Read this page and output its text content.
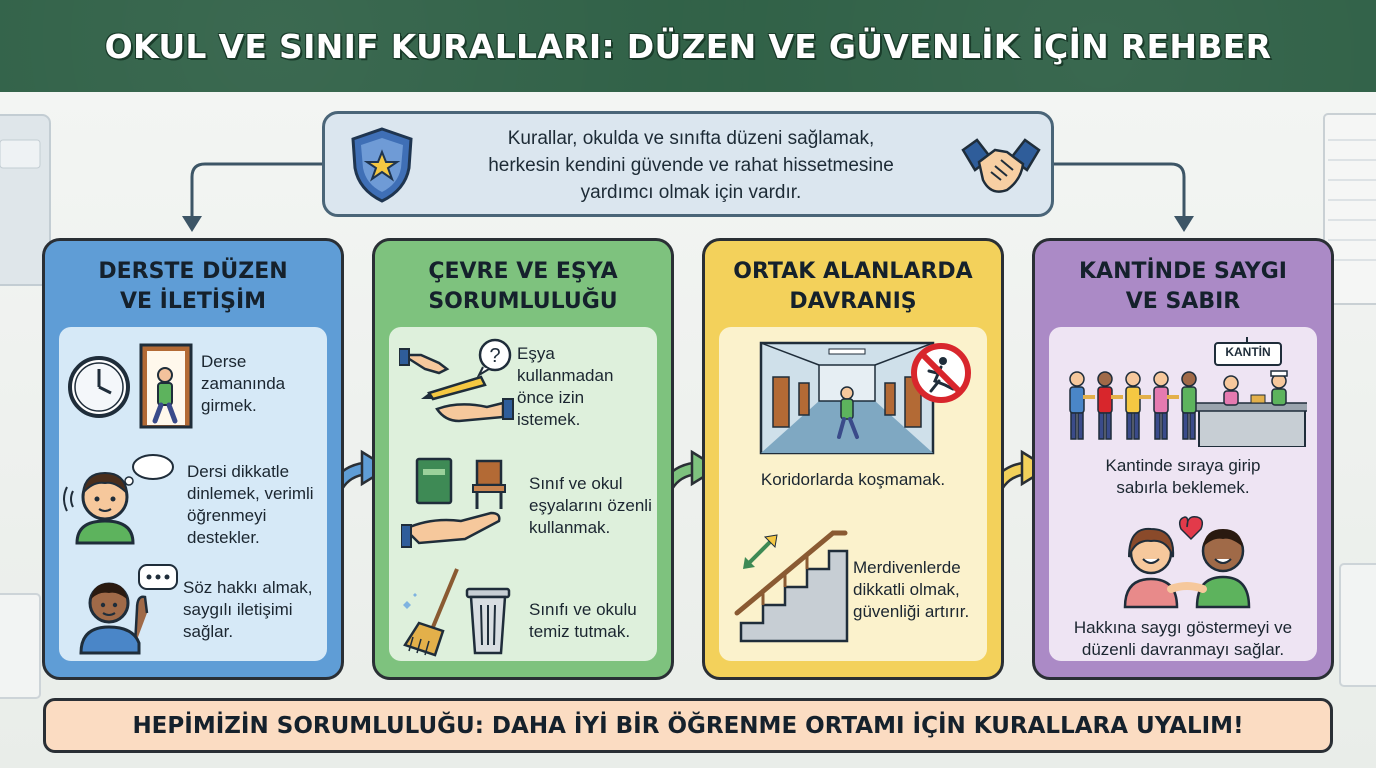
OKUL VE SINIF KURALLARI: DÜZEN VE GÜVENLİK İÇİN REHBER
Kurallar, okulda ve sınıfta düzeni sağlamak,
herkesin kendini güvende ve rahat hissetmesine
yardımcı olmak için vardır.
DERSTE DÜZEN
VE İLETİŞİM
Derse
zamanında
girmek.
Dersi dikkatle
dinlemek, verimli
öğrenmeyi
destekler.
Söz hakkı almak,
saygılı iletişimi
sağlar.
ÇEVRE VE EŞYA
SORUMLULUĞU
? Eşya
kullanmadan
önce izin
istemek.
Sınıf ve okul
eşyalarını özenli
kullanmak.
Sınıfı ve okulu
temiz tutmak.
ORTAK ALANLARDA
DAVRANIŞ
Koridorlarda koşmamak.
Merdivenlerde
dikkatli olmak,
güvenliği artırır.
KANTİNDE SAYGI
VE SABIR
KANTİN
Kantinde sıraya girip
sabırla beklemek.
Hakkına saygı göstermeyi ve
düzenli davranmayı sağlar.
HEPİMİZİN SORUMLULUĞU: DAHA İYİ BİR ÖĞRENME ORTAMI İÇİN KURALLARA UYALIM!
